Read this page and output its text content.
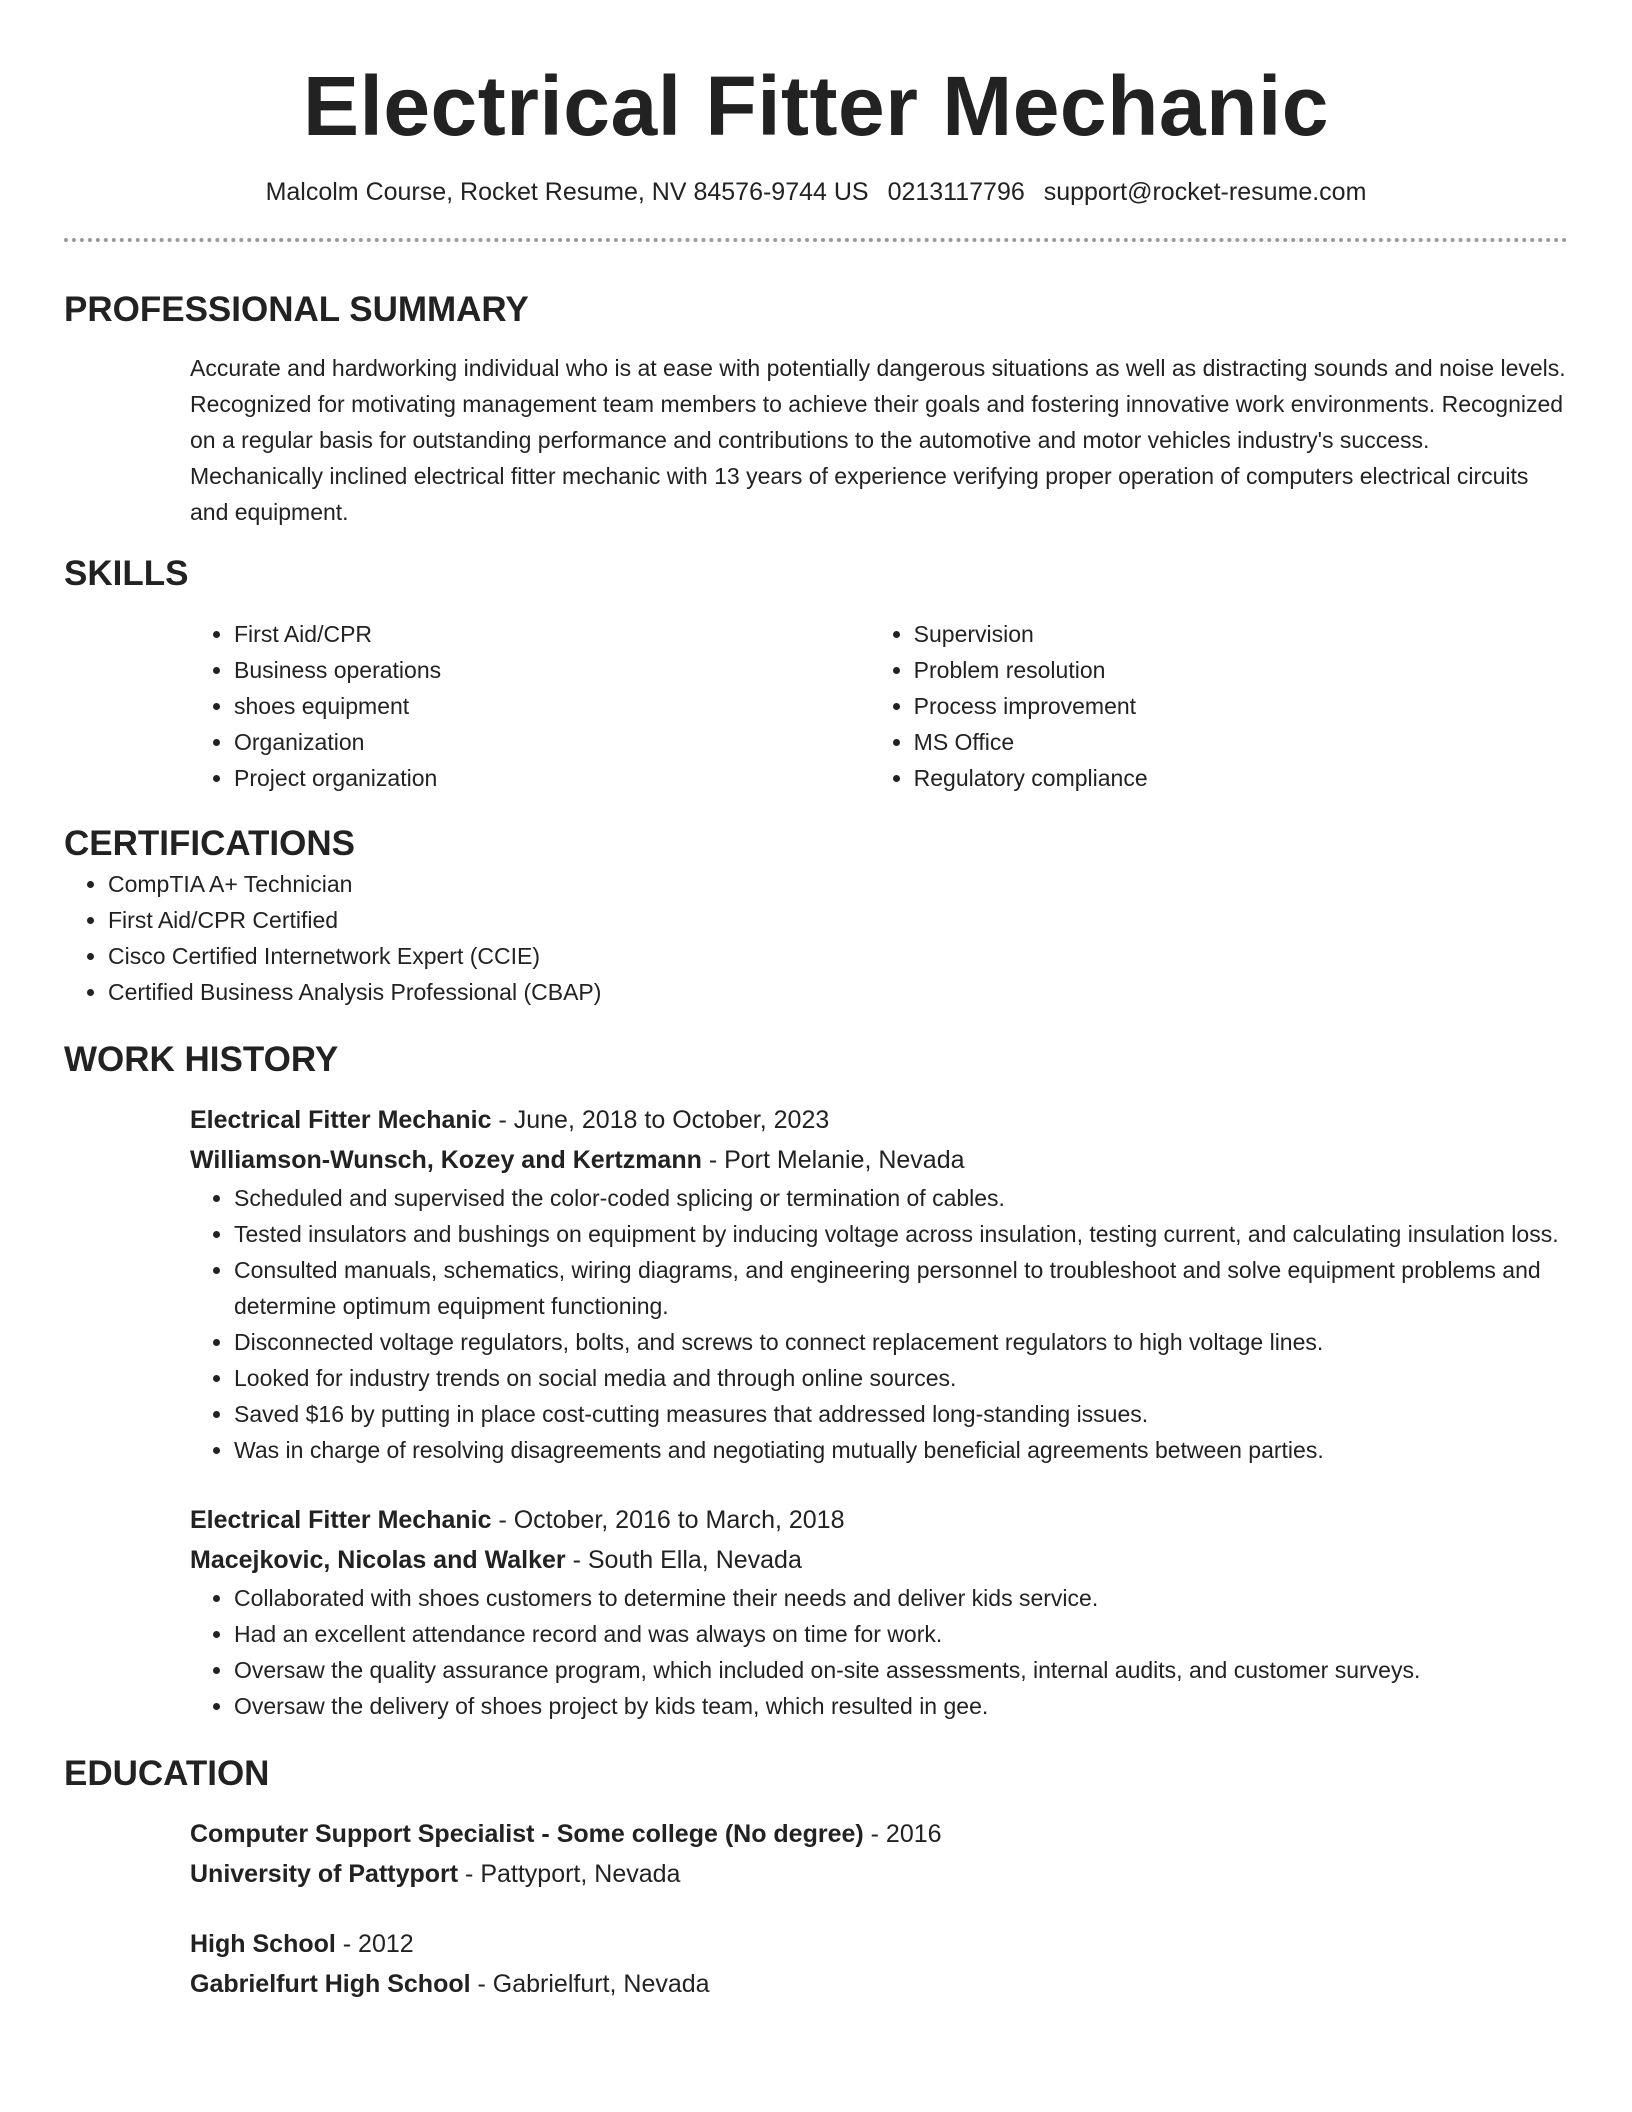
Electrical Fitter Mechanic
Malcolm Course, Rocket Resume, NV 84576-9744 US 0213117796 support@rocket-resume.com
PROFESSIONAL SUMMARY
Accurate and hardworking individual who is at ease with potentially dangerous situations as well as distracting sounds and noise levels. Recognized for motivating management team members to achieve their goals and fostering innovative work environments. Recognized on a regular basis for outstanding performance and contributions to the automotive and motor vehicles industry's success. Mechanically inclined electrical fitter mechanic with 13 years of experience verifying proper operation of computers electrical circuits and equipment.
SKILLS
• First Aid/CPR
• Business operations
• shoes equipment
• Organization
• Project organization
• Supervision
• Problem resolution
• Process improvement
• MS Office
• Regulatory compliance
CERTIFICATIONS
• CompTIA A+ Technician
• First Aid/CPR Certified
• Cisco Certified Internetwork Expert (CCIE)
• Certified Business Analysis Professional (CBAP)
WORK HISTORY
Electrical Fitter Mechanic - June, 2018 to October, 2023
Williamson-Wunsch, Kozey and Kertzmann - Port Melanie, Nevada
• Scheduled and supervised the color-coded splicing or termination of cables.
• Tested insulators and bushings on equipment by inducing voltage across insulation, testing current, and calculating insulation loss.
• Consulted manuals, schematics, wiring diagrams, and engineering personnel to troubleshoot and solve equipment problems and determine optimum equipment functioning.
• Disconnected voltage regulators, bolts, and screws to connect replacement regulators to high voltage lines.
• Looked for industry trends on social media and through online sources.
• Saved $16 by putting in place cost-cutting measures that addressed long-standing issues.
• Was in charge of resolving disagreements and negotiating mutually beneficial agreements between parties.
Electrical Fitter Mechanic - October, 2016 to March, 2018
Macejkovic, Nicolas and Walker - South Ella, Nevada
• Collaborated with shoes customers to determine their needs and deliver kids service.
• Had an excellent attendance record and was always on time for work.
• Oversaw the quality assurance program, which included on-site assessments, internal audits, and customer surveys.
• Oversaw the delivery of shoes project by kids team, which resulted in gee.
EDUCATION
Computer Support Specialist - Some college (No degree) - 2016
University of Pattyport - Pattyport, Nevada
High School - 2012
Gabrielfurt High School - Gabrielfurt, Nevada
